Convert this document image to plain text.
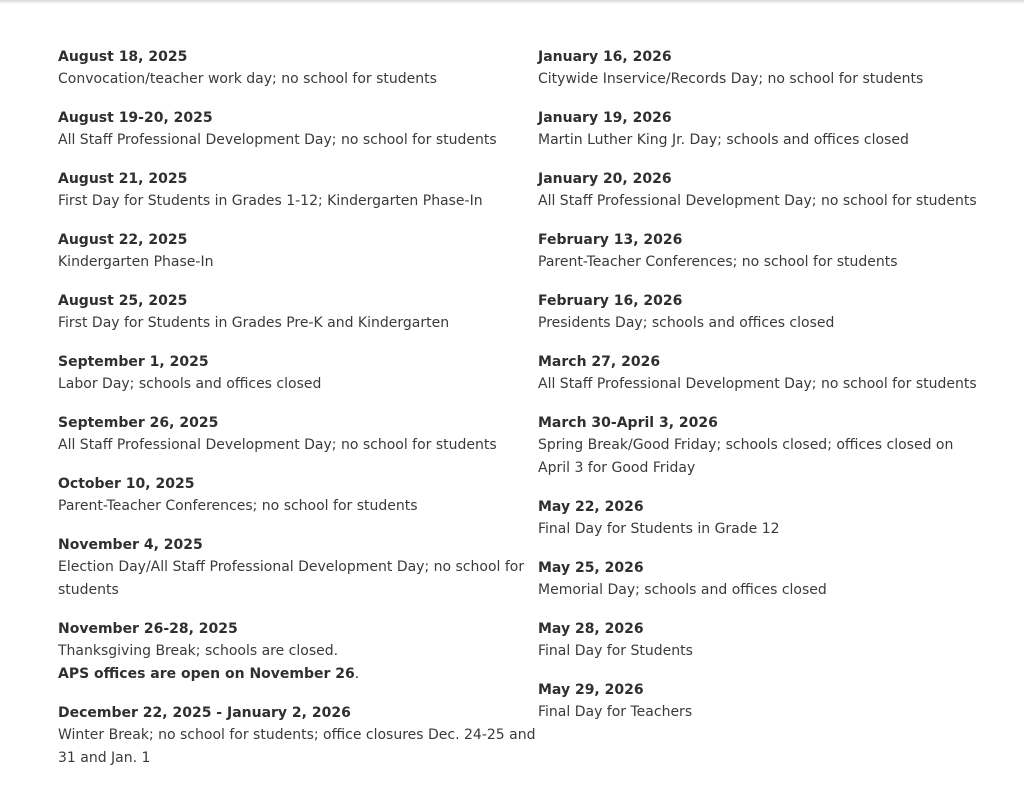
August 18, 2025
Convocation/teacher work day; no school for students
August 19-20, 2025
All Staff Professional Development Day; no school for students
August 21, 2025
First Day for Students in Grades 1-12; Kindergarten Phase-In
August 22, 2025
Kindergarten Phase-In
August 25, 2025
First Day for Students in Grades Pre-K and Kindergarten
September 1, 2025
Labor Day; schools and offices closed
September 26, 2025
All Staff Professional Development Day; no school for students
October 10, 2025
Parent-Teacher Conferences; no school for students
November 4, 2025
Election Day/All Staff Professional Development Day; no school for students
November 26-28, 2025
Thanksgiving Break; schools are closed.
APS offices are open on November 26.
December 22, 2025 - January 2, 2026
Winter Break; no school for students; office closures Dec. 24-25 and 31 and Jan. 1
January 16, 2026
Citywide Inservice/Records Day; no school for students
January 19, 2026
Martin Luther King Jr. Day; schools and offices closed
January 20, 2026
All Staff Professional Development Day; no school for students
February 13, 2026
Parent-Teacher Conferences; no school for students
February 16, 2026
Presidents Day; schools and offices closed
March 27, 2026
All Staff Professional Development Day; no school for students
March 30-April 3, 2026
Spring Break/Good Friday; schools closed; offices closed on April 3 for Good Friday
May 22, 2026
Final Day for Students in Grade 12
May 25, 2026
Memorial Day; schools and offices closed
May 28, 2026
Final Day for Students
May 29, 2026
Final Day for Teachers
